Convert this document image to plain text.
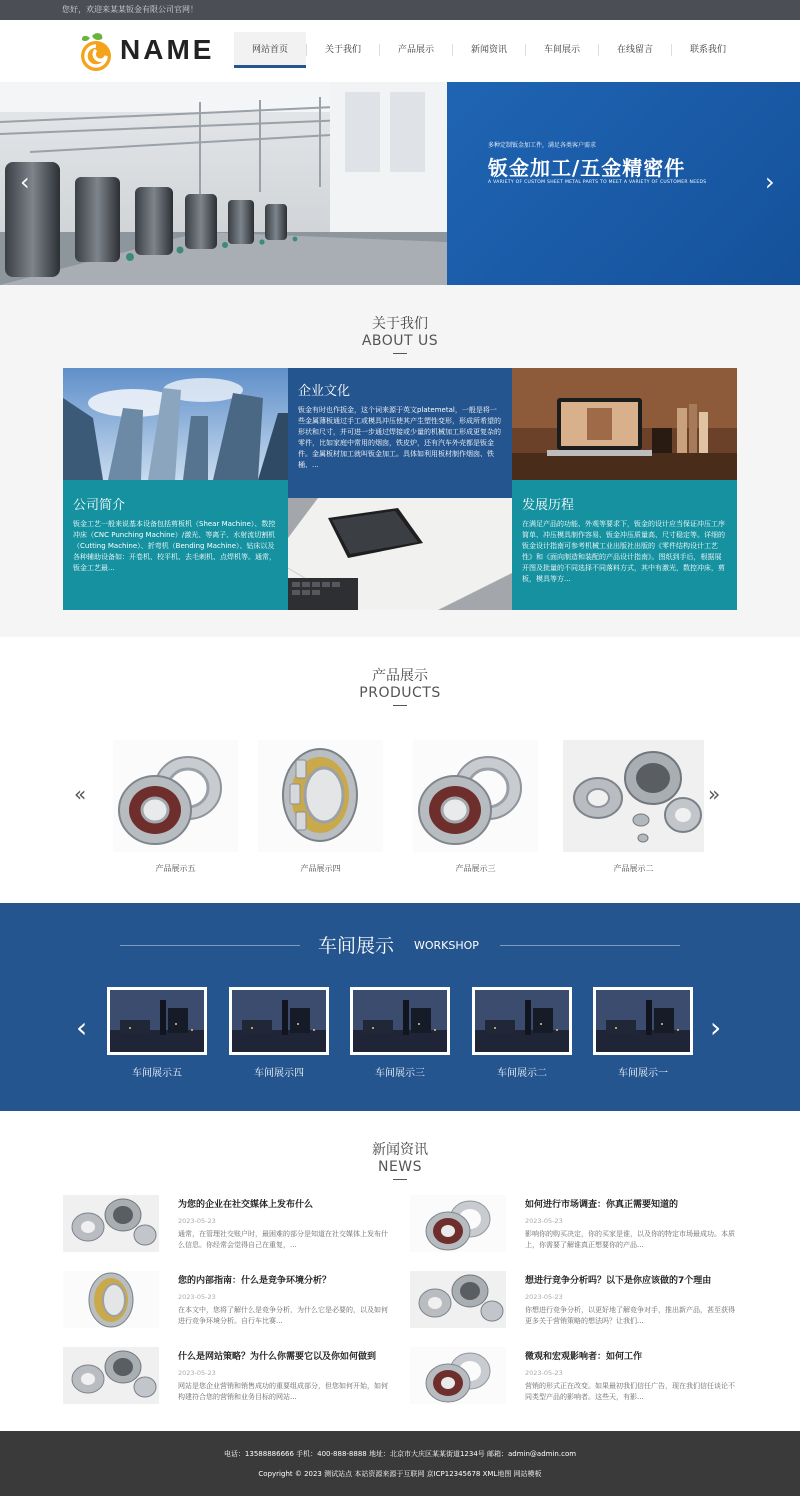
您好，欢迎来某某钣金有限公司官网！
NAME	网站首页	关于我们	产品展示	新闻资讯	车间展示	在线留言	联系我们
多种定制钣金加工件，满足各类客户需求
钣金加工/五金精密件
A VARIETY OF CUSTOM SHEET METAL PARTS TO MEET A VARIETY OF CUSTOMER NEEDS
‹	›
关于我们
ABOUT US
企业文化
钣金有时也作扳金，这个词来源于英文platemetal，一般是将一些金属薄板通过手工或模具冲压使其产生塑性变形，形成所希望的形状和尺寸，并可进一步通过焊接或少量的机械加工形成更复杂的零件，比如家庭中常用的烟囱，铁皮炉，还有汽车外壳都是钣金件。金属板材加工就叫钣金加工。具体如利用板材制作烟囱、铁桶、...
公司简介
钣金工艺一般来说基本设备包括剪板机（Shear Machine）、数控冲床（CNC Punching Machine）/激光、等离子、水射流切割机（Cutting Machine）、折弯机（Bending Machine）、钻床以及各种辅助设备如：开卷机、校平机、去毛刺机、点焊机等。通常，钣金工艺最...
发展历程
在满足产品的功能、外观等要求下，钣金的设计应当保证冲压工序简单、冲压模具制作容易、钣金冲压质量高、尺寸稳定等。详细的钣金设计指南可参考机械工业出版社出版的《零件结构设计工艺性》和《面向制造和装配的产品设计指南》。图纸到手后，根据展开图及批量的不同选择不同落料方式，其中有激光，数控冲床，剪板，模具等方...
产品展示
PRODUCTS
«	»
产品展示五	产品展示四	产品展示三	产品展示二
车间展示 WORKSHOP
‹	›
车间展示五	车间展示四	车间展示三	车间展示二	车间展示一
新闻资讯
NEWS
为您的企业在社交媒体上发布什么
2023-05-23
通常，在管理社交账户时，最困难的部分是知道在社交媒体上发布什么信息。你经常会觉得自己在重复，...
您的内部指南：什么是竞争环境分析？
2023-05-23
在本文中，您将了解什么是竞争分析，为什么它是必要的，以及如何进行竞争环境分析。自行车比赛...
什么是网站策略？为什么你需要它以及你如何做到
2023-05-23
网站是您企业营销和销售成功的重要组成部分，但您如何开始，如何构建符合您的营销和业务目标的网站...
如何进行市场调查：你真正需要知道的
2023-05-23
影响你的购买决定，你的买家是谁，以及你的特定市场最成功。本质上，你需要了解谁真正想要你的产品...
想进行竞争分析吗？以下是你应该做的7个理由
2023-05-23
你想进行竞争分析，以更好地了解竞争对手，推出新产品，甚至获得更多关于营销策略的想法吗？让我们...
微观和宏观影响者：如何工作
2023-05-23
营销的形式正在改变。如果最初我们信任广告，现在我们信任谈论不同类型产品的影响者。这些天，有影...
电话：13588886666 手机：400-888-8888 地址：北京市大庆区某某街道1234号 邮箱：admin@admin.com
Copyright © 2023 测试站点 本站资源来源于互联网 京ICP12345678 XML地图 网站模板
